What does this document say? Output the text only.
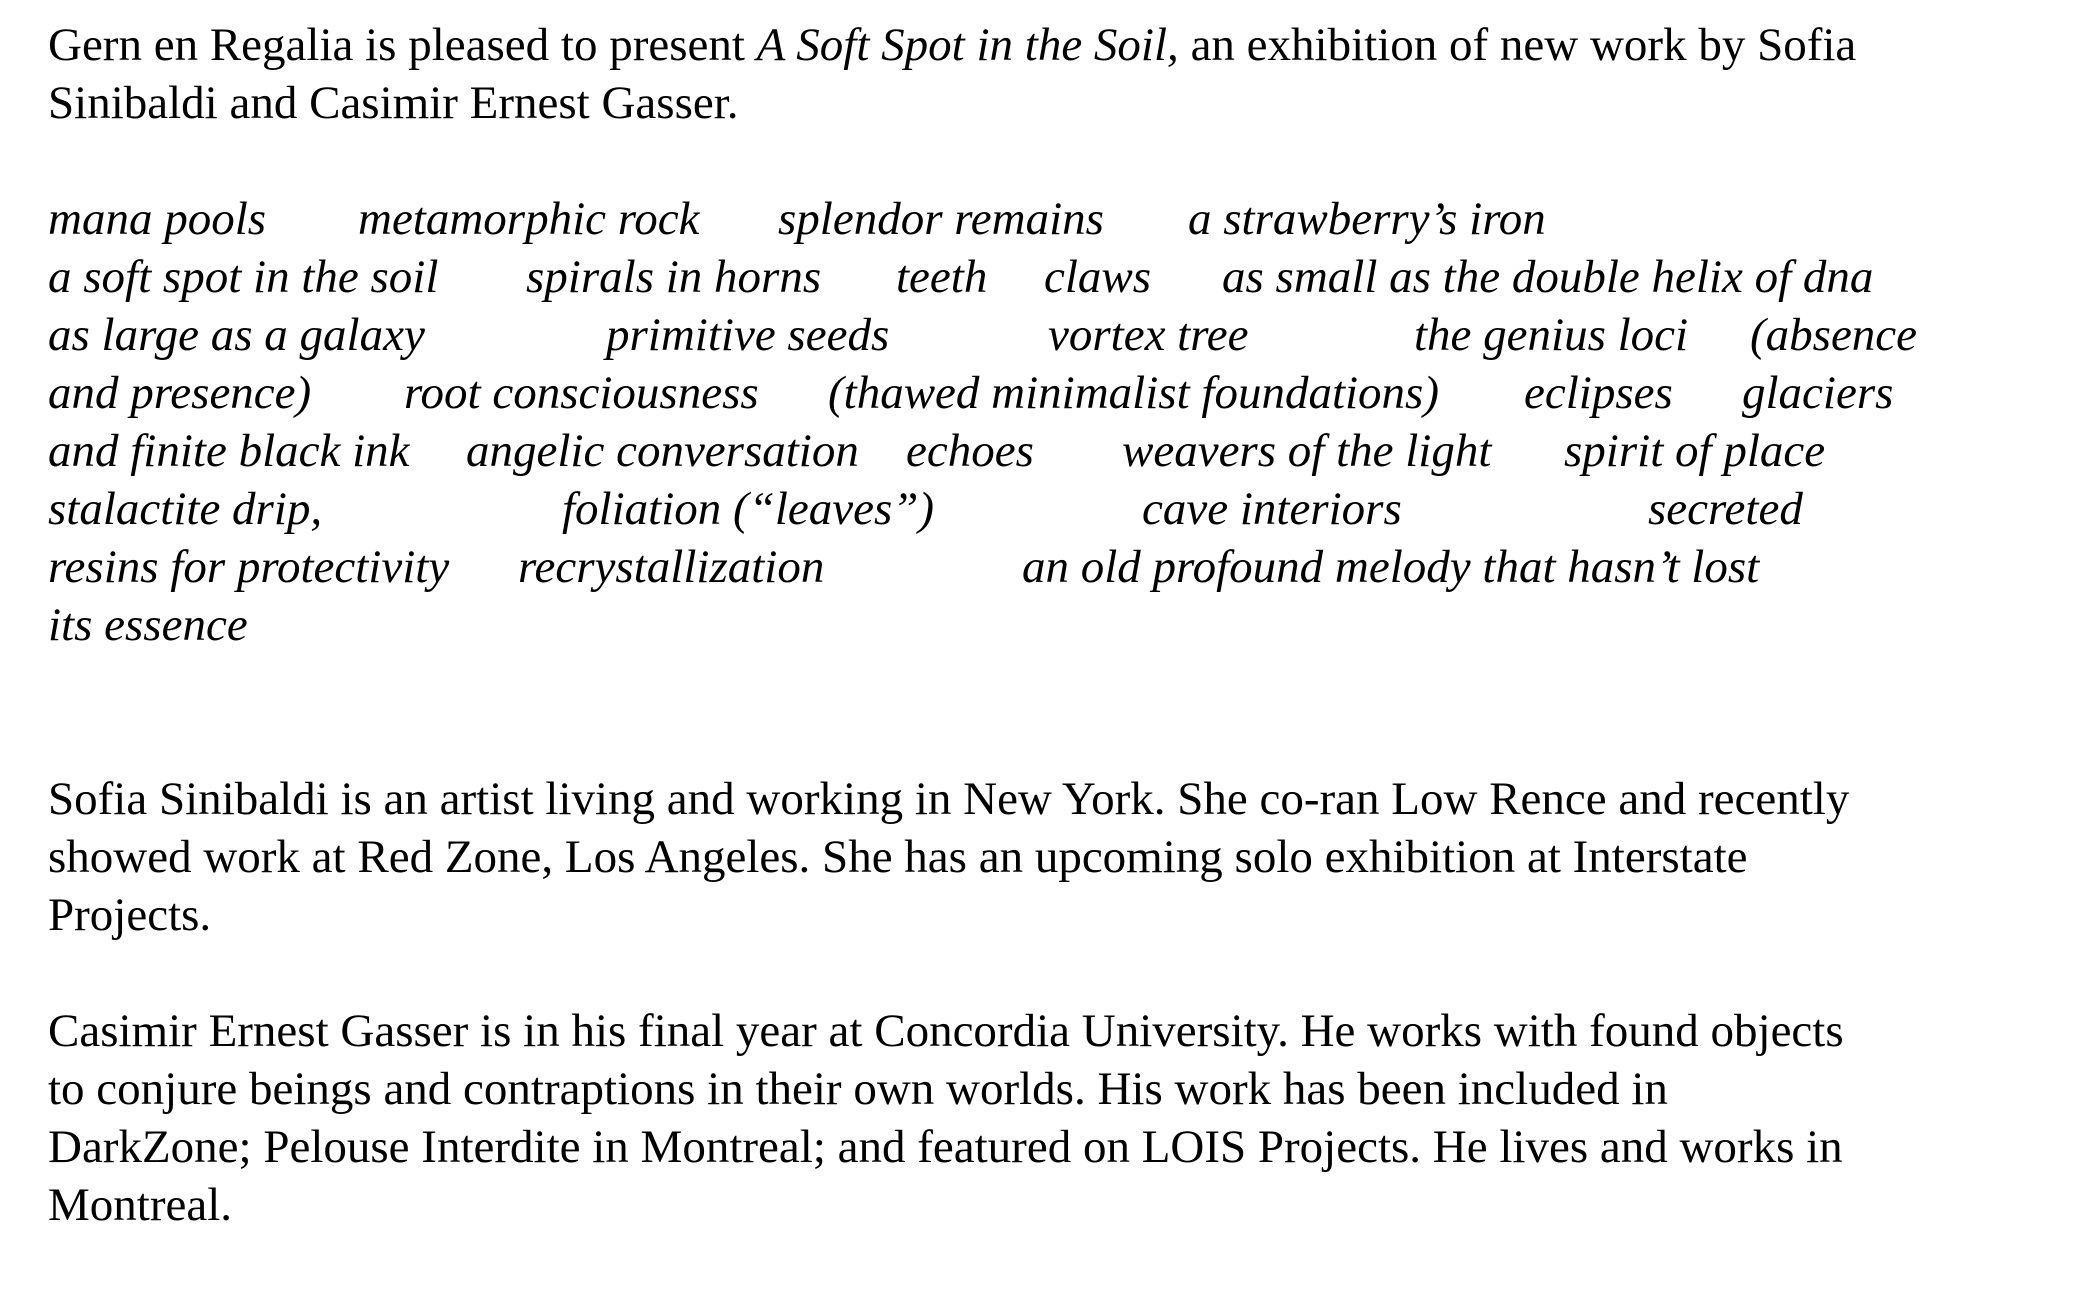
Gern en Regalia is pleased to present A Soft Spot in the Soil, an exhibition of new work by Sofia
Sinibaldi and Casimir Ernest Gasser.

mana pools metamorphic rock splendor remains a strawberry’s iron
a soft spot in the soil spirals in horns teeth claws as small as the double helix of dna
as large as a galaxy	primitive seeds	vortex tree	the genius loci (absence
and presence) root consciousness (thawed minimalist foundations) eclipses glaciers
and finite black ink angelic conversation echoes weavers of the light spirit of place
stalactite drip,	foliation (“leaves”)	cave interiors	secreted
resins for protectivity recrystallization	an old profound melody that hasn’t lost
its essence

Sofia Sinibaldi is an artist living and working in New York. She co-ran Low Rence and recently
showed work at Red Zone, Los Angeles. She has an upcoming solo exhibition at Interstate
Projects.

Casimir Ernest Gasser is in his final year at Concordia University. He works with found objects
to conjure beings and contraptions in their own worlds. His work has been included in
DarkZone; Pelouse Interdite in Montreal; and featured on LOIS Projects. He lives and works in
Montreal.
